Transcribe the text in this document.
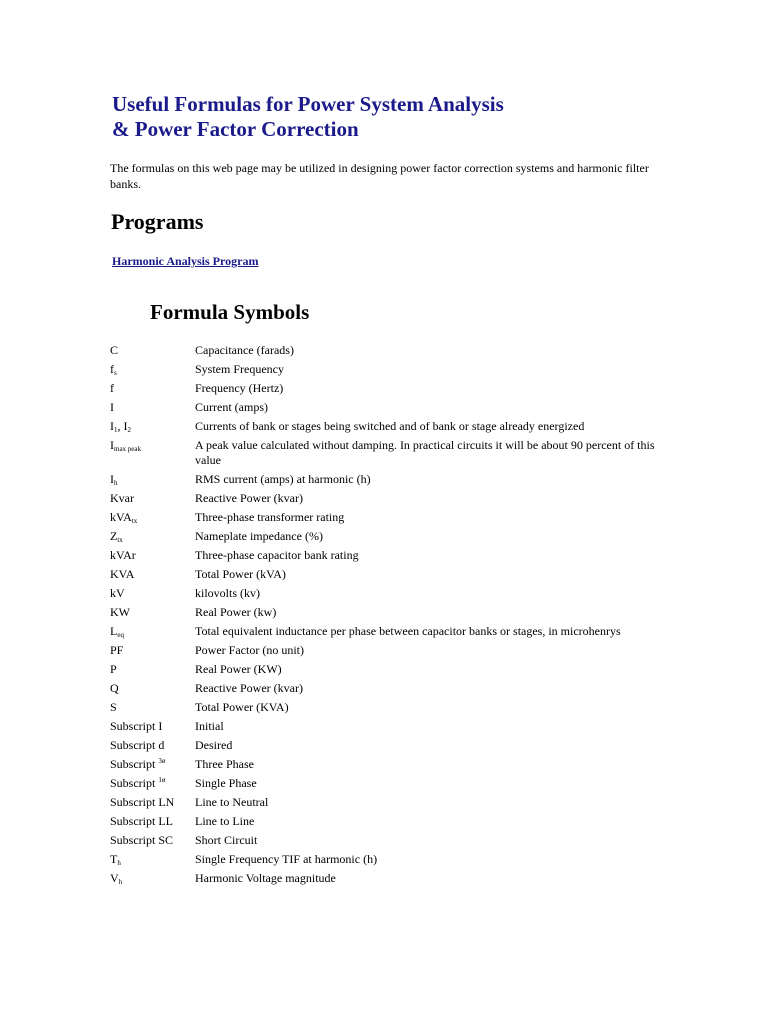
Useful Formulas for Power System Analysis
& Power Factor Correction

The formulas on this web page may be utilized in designing power factor correction systems and harmonic filter banks.

Programs
Harmonic Analysis Program
Formula Symbols
C	Capacitance (farads)
$f_s$	System Frequency
f	Frequency (Hertz)
I	Current (amps)
$I_1$, $I_2$	Currents of bank or stages being switched and of bank or stage already energized
$I_{max peak}$	A peak value calculated without damping. In practical circuits it will be about 90 percent of this value
$I_h$	RMS current (amps) at harmonic (h)
Kvar	Reactive Power (kvar)
kVA$_{tx}$	Three-phase transformer rating
$Z_{tx}$	Nameplate impedance (%)
kVAr	Three-phase capacitor bank rating
KVA	Total Power (kVA)
kV	kilovolts (kv)
KW	Real Power (kw)
$L_{eq}$	Total equivalent inductance per phase between capacitor banks or stages, in microhenrys
PF	Power Factor (no unit)
P	Real Power (KW)
Q	Reactive Power (kvar)
S	Total Power (KVA)
Subscript I	Initial
Subscript d	Desired
Subscript $^{3ø}$	Three Phase
Subscript $^{1ø}$	Single Phase
Subscript LN	Line to Neutral
Subscript LL	Line to Line
Subscript SC	Short Circuit
$T_h$	Single Frequency TIF at harmonic (h)
$V_h$	Harmonic Voltage magnitude
